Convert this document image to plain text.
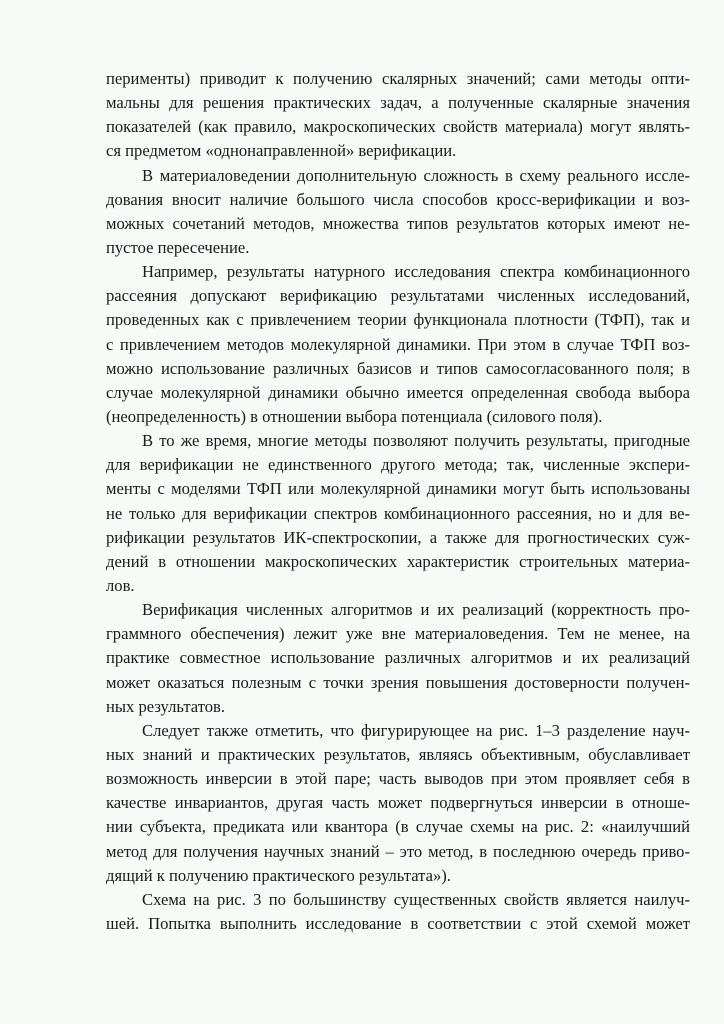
перименты) приводит к получению скалярных значений; сами методы опти-
мальны для решения практических задач, а полученные скалярные значения
показателей (как правило, макроскопических свойств материала) могут являть-
ся предметом «однонаправленной» верификации.

В материаловедении дополнительную сложность в схему реального иссле-
дования вносит наличие большого числа способов кросс-верификации и воз-
можных сочетаний методов, множества типов результатов которых имеют не-
пустое пересечение.

Например, результаты натурного исследования спектра комбинационного
рассеяния допускают верификацию результатами численных исследований,
проведенных как с привлечением теории функционала плотности (ТФП), так и
с привлечением методов молекулярной динамики. При этом в случае ТФП воз-
можно использование различных базисов и типов самосогласованного поля; в
случае молекулярной динамики обычно имеется определенная свобода выбора
(неопределенность) в отношении выбора потенциала (силового поля).

В то же время, многие методы позволяют получить результаты, пригодные
для верификации не единственного другого метода; так, численные экспери-
менты с моделями ТФП или молекулярной динамики могут быть использованы
не только для верификации спектров комбинационного рассеяния, но и для ве-
рификации результатов ИК-спектроскопии, а также для прогностических суж-
дений в отношении макроскопических характеристик строительных материа-
лов.

Верификация численных алгоритмов и их реализаций (корректность про-
граммного обеспечения) лежит уже вне материаловедения. Тем не менее, на
практике совместное использование различных алгоритмов и их реализаций
может оказаться полезным с точки зрения повышения достоверности получен-
ных результатов.

Следует также отметить, что фигурирующее на рис. 1–3 разделение науч-
ных знаний и практических результатов, являясь объективным, обуславливает
возможность инверсии в этой паре; часть выводов при этом проявляет себя в
качестве инвариантов, другая часть может подвергнуться инверсии в отноше-
нии субъекта, предиката или квантора (в случае схемы на рис. 2: «наилучший
метод для получения научных знаний – это метод, в последнюю очередь приво-
дящий к получению практического результата»).

Схема на рис. 3 по большинству существенных свойств является наилуч-
шей. Попытка выполнить исследование в соответствии с этой схемой может
